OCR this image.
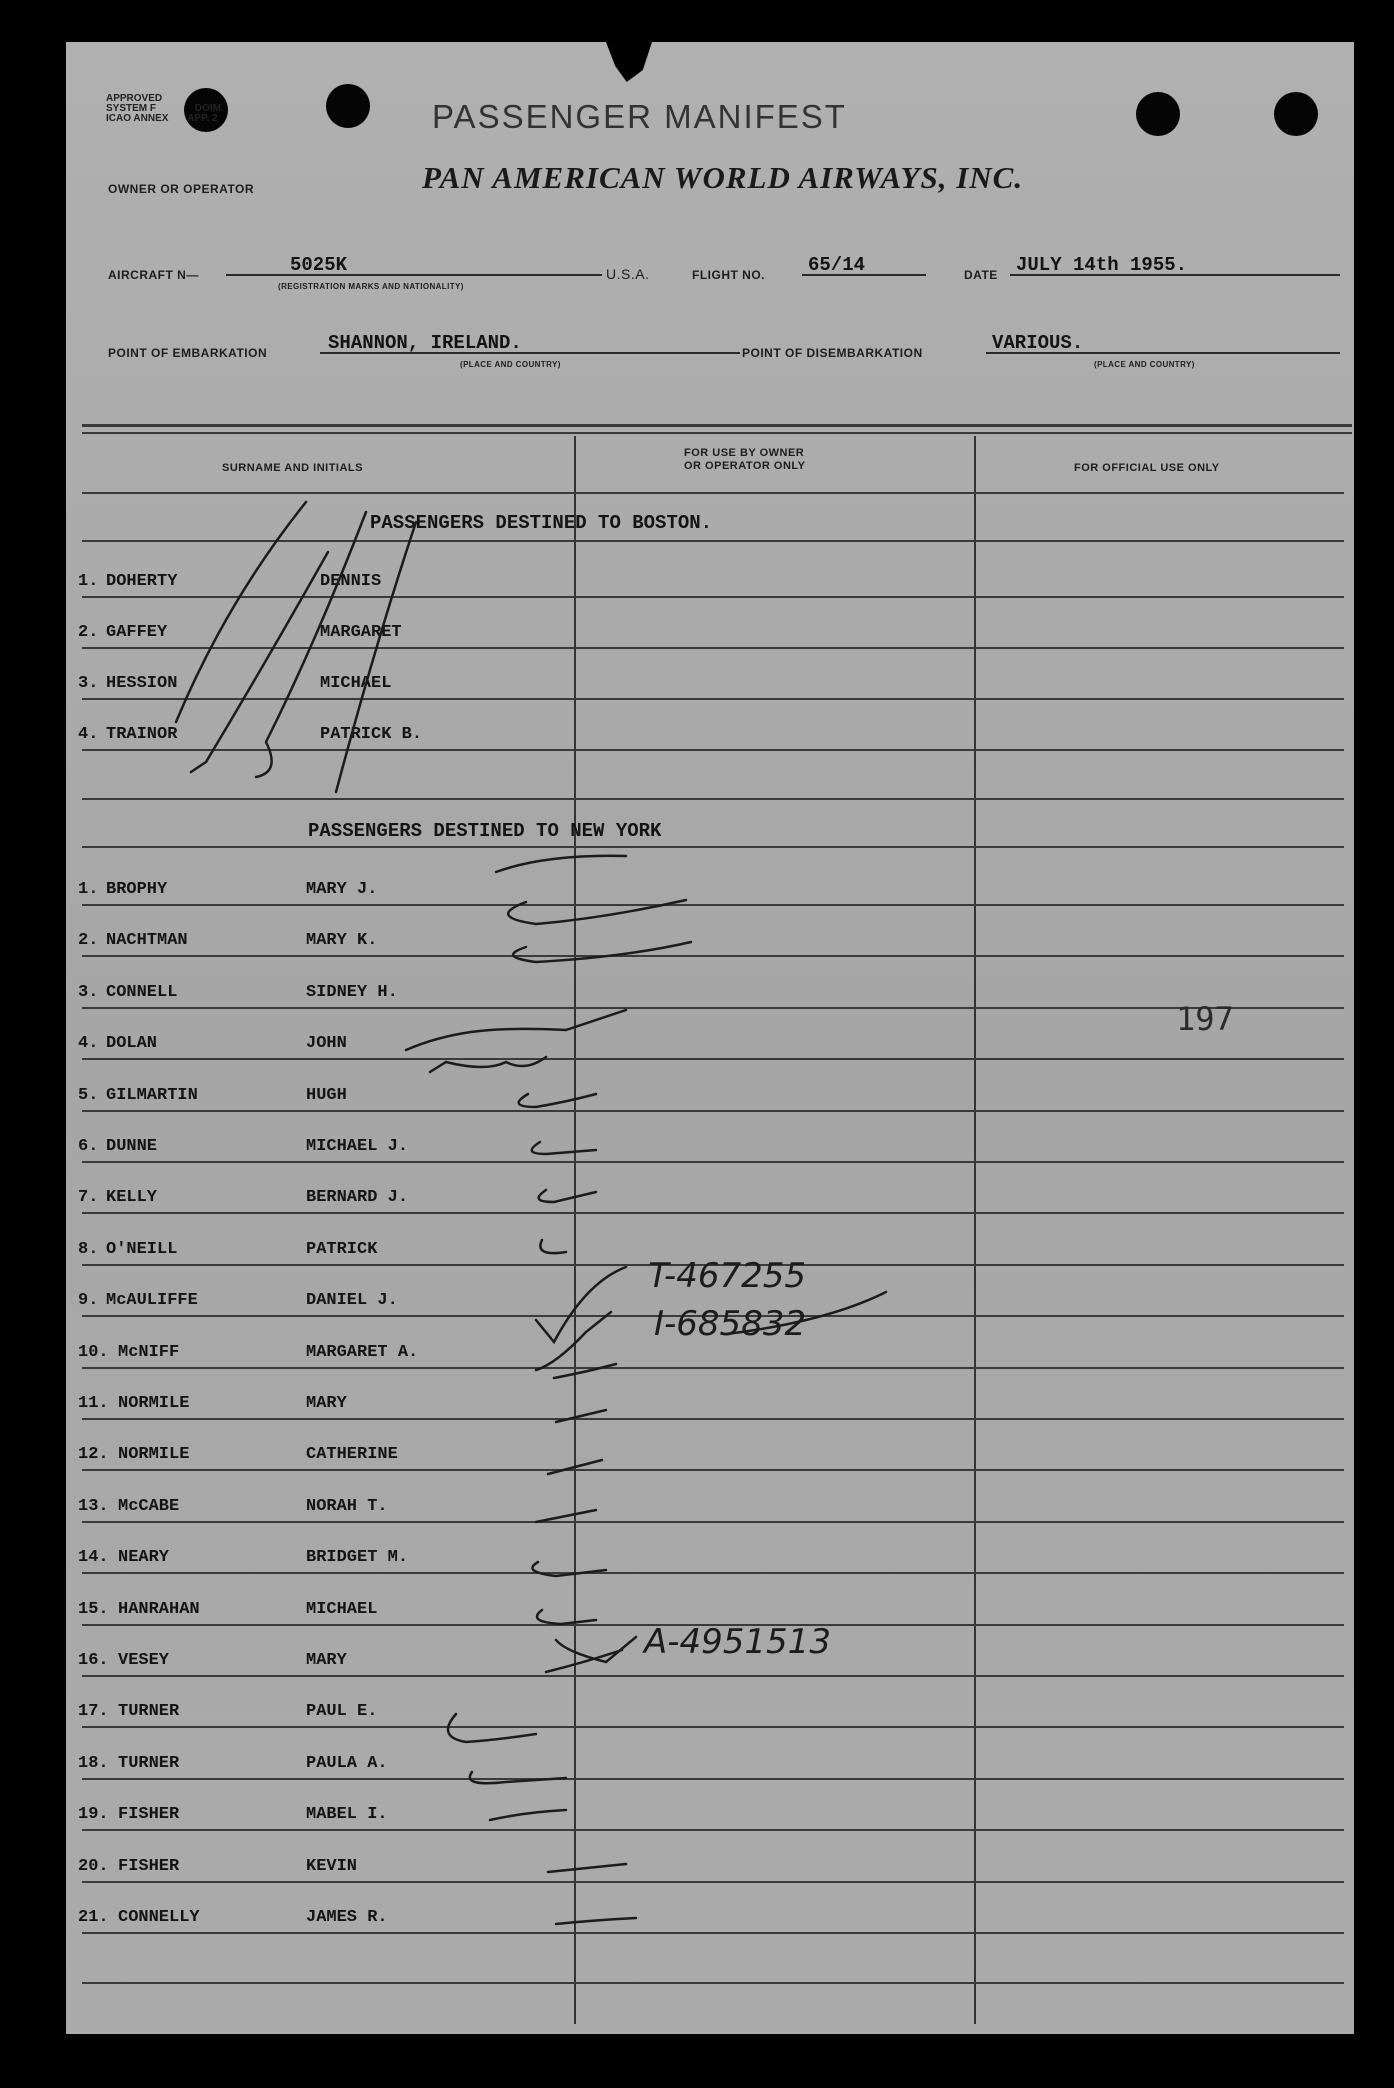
APPROVED
SYSTEM F	DOIM.
ICAO ANNEX APP. 2	PASSENGER MANIFEST
OWNER OR OPERATOR	PAN AMERICAN WORLD AIRWAYS, INC.
AIRCRAFT N—	5025K
(REGISTRATION MARKS AND NATIONALITY)
U.S.A.	FLIGHT NO. 65/14	DATE JULY 14th 1955.
POINT OF EMBARKATION	SHANNON, IRELAND.
(PLACE AND COUNTRY)
POINT OF DISEMBARKATION	VARIOUS.
(PLACE AND COUNTRY)
SURNAME AND INITIALS
FOR USE BY OWNER
OR OPERATOR ONLY	FOR OFFICIAL USE ONLY
1. DOHERTY	DENNIS
2. GAFFEY	MARGARET
3. HESSION	MICHAEL
4. TRAINOR	PATRICK B.
1. BROPHY	MARY J.
2. NACHTMAN	MARY K.
3. CONNELL	SIDNEY H.
4. DOLAN	JOHN
5. GILMARTIN	HUGH
6. DUNNE	MICHAEL J.
7. KELLY	BERNARD J.
8. O'NEILL	PATRICK
9. McAULIFFE	DANIEL J.
10. McNIFF	MARGARET A.
11. NORMILE	MARY
12. NORMILE	CATHERINE
13. McCABE	NORAH T.
14. NEARY	BRIDGET M.
15. HANRAHAN	MICHAEL
16. VESEY	MARY
17. TURNER	PAUL E.
18. TURNER	PAULA A.
19. FISHER	MABEL I.
20. FISHER	KEVIN
21. CONNELLY	JAMES R.
PASSENGERS DESTINED TO BOSTON.
PASSENGERS DESTINED TO NEW YORK
197
T-467255
I-685832
A-4951513
